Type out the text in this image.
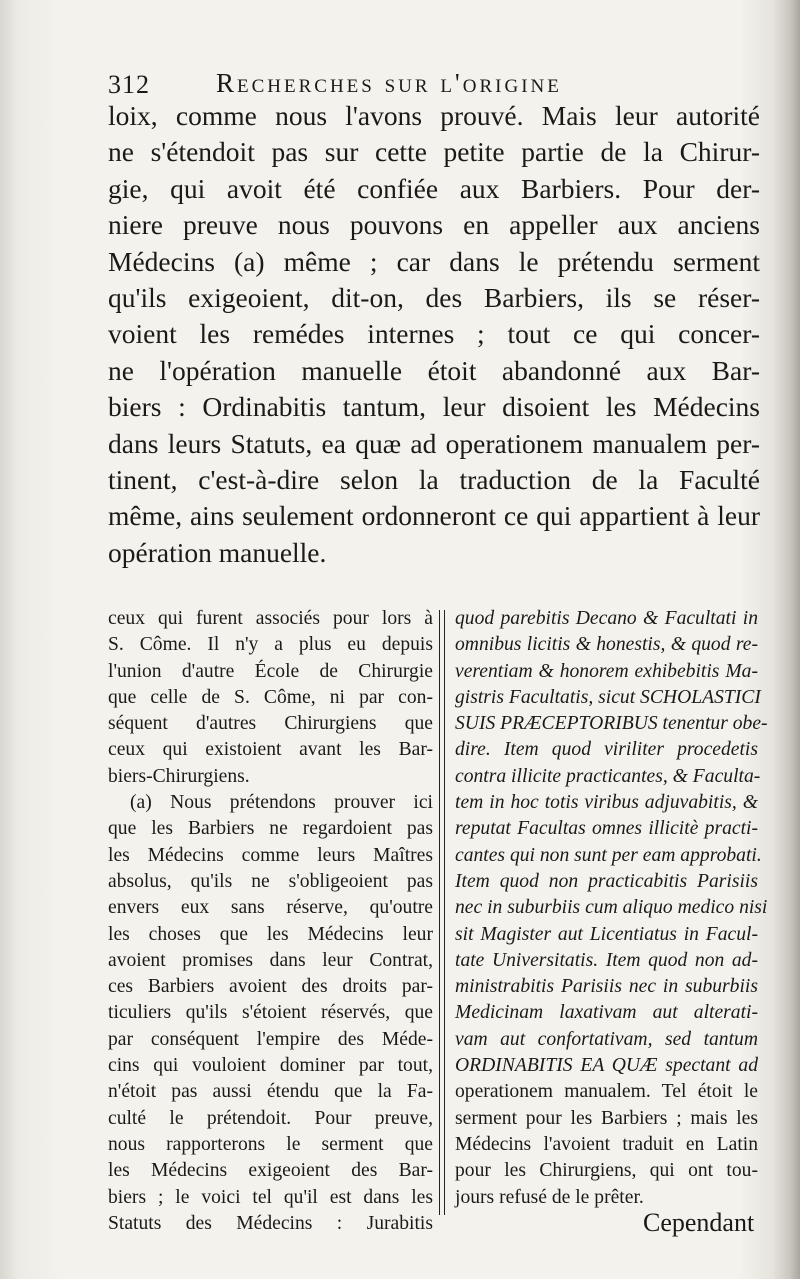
312 Recherches sur l'origine
loix, comme nous l'avons prouvé. Mais leur autorité
ne s'étendoit pas sur cette petite partie de la Chirur-
gie, qui avoit été confiée aux Barbiers. Pour der-
niere preuve nous pouvons en appeller aux anciens
Médecins (a) même ; car dans le prétendu serment
qu'ils exigeoient, dit-on, des Barbiers, ils se réser-
voient les remédes internes ; tout ce qui concer-
ne l'opération manuelle étoit abandonné aux Bar-
biers : Ordinabitis tantum, leur disoient les Médecins
dans leurs Statuts, ea quæ ad operationem manualem per-
tinent, c'est-à-dire selon la traduction de la Faculté
même, ains seulement ordonneront ce qui appartient à leur
opération manuelle.
ceux qui furent associés pour lors à
S. Côme. Il n'y a plus eu depuis
l'union d'autre École de Chirurgie
que celle de S. Côme, ni par con-
séquent d'autres Chirurgiens que
ceux qui existoient avant les Bar-
biers-Chirurgiens.
(a) Nous prétendons prouver ici
que les Barbiers ne regardoient pas
les Médecins comme leurs Maîtres
absolus, qu'ils ne s'obligeoient pas
envers eux sans réserve, qu'outre
les choses que les Médecins leur
avoient promises dans leur Contrat,
ces Barbiers avoient des droits par-
ticuliers qu'ils s'étoient réservés, que
par conséquent l'empire des Méde-
cins qui vouloient dominer par tout,
n'étoit pas aussi étendu que la Fa-
culté le prétendoit. Pour preuve,
nous rapporterons le serment que
les Médecins exigeoient des Bar-
biers ; le voici tel qu'il est dans les
Statuts des Médecins : Jurabitis
quod parebitis Decano & Facultati in
omnibus licitis & honestis, & quod re-
verentiam & honorem exhibebitis Ma-
gistris Facultatis, sicut SCHOLASTICI
SUIS PRÆCEPTORIBUS tenentur obe-
dire. Item quod viriliter procedetis
contra illicite practicantes, & Faculta-
tem in hoc totis viribus adjuvabitis, &
reputat Facultas omnes illicitè practi-
cantes qui non sunt per eam approbati.
Item quod non practicabitis Parisiis
nec in suburbiis cum aliquo medico nisi
sit Magister aut Licentiatus in Facul-
tate Universitatis. Item quod non ad-
ministrabitis Parisiis nec in suburbiis
Medicinam laxativam aut alterati-
vam aut confortativam, sed tantum
ORDINABITIS EA QUÆ spectant ad
operationem manualem. Tel étoit le
serment pour les Barbiers ; mais les
Médecins l'avoient traduit en Latin
pour les Chirurgiens, qui ont tou-
jours refusé de le prêter.
Cependant
